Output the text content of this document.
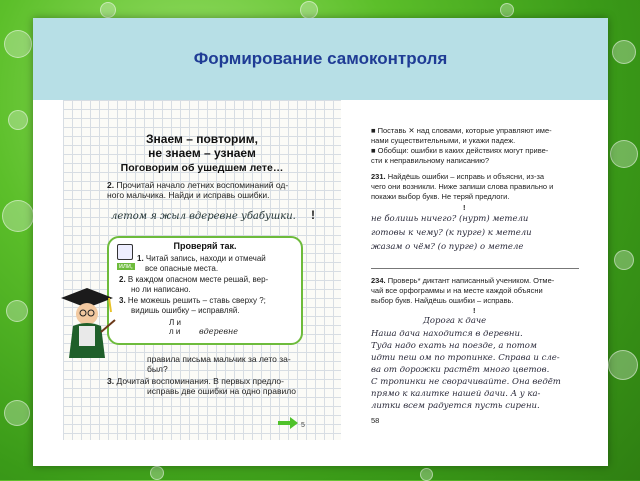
Формирование самоконтроля
Знаем – повторим,
не знаем – узнаем
Поговорим об ушедшем лете…
2. Прочитай начало летних воспоминаний од-
ного мальчика. Найди и исправь ошибки.
летом я жыл вдеревне убабушки. !
Проверяй так.
1. Читай запись, находи и отмечай
или, все опасные места.
2. В каждом опасном месте решай, вер-
но ли написано.
3. Не можешь решить – ставь сверху ?;
видишь ошибку – исправляй.
Л и
л и вдеревне
правила письма мальчик за лето за-
был?
3. Дочитай воспоминания. В первых предло-
исправь две ошибки на одно правило
5
■ Поставь ✕ над словами, которые управляют имe-
нами существительными, и укажи падеж.
■ Обобщи: ошибки в каких действиях могут приве-
сти к неправильному написанию?
231. Найдёшь ошибки – исправь и объясни, из-за
чего они возникли. Ниже запиши слова правильно и
покажи выбор букв. Не теряй предлоги.
!
не болишь ничего? (нурт) метели
готовы к чему? (к пурге) к метели
жазам о чём? (о пурге) о метеле
234. Проверь* диктант написанный учеником. Отме-
чай все орфограммы и на месте каждой объясни
выбор букв. Найдёшь ошибки – исправь.
!
Дорога к даче
Наша дача находится в деревни.
Туда надо ехать на поезде, а потом
идти пеш ом по тропинке. Справа и сле-
ва от дорожки растёт много цветов.
С тропинки не сворачивайте. Она ведёт
прямо к калитке нашей дачи. А у ка-
литки всем радуется пусть сирени.
58
